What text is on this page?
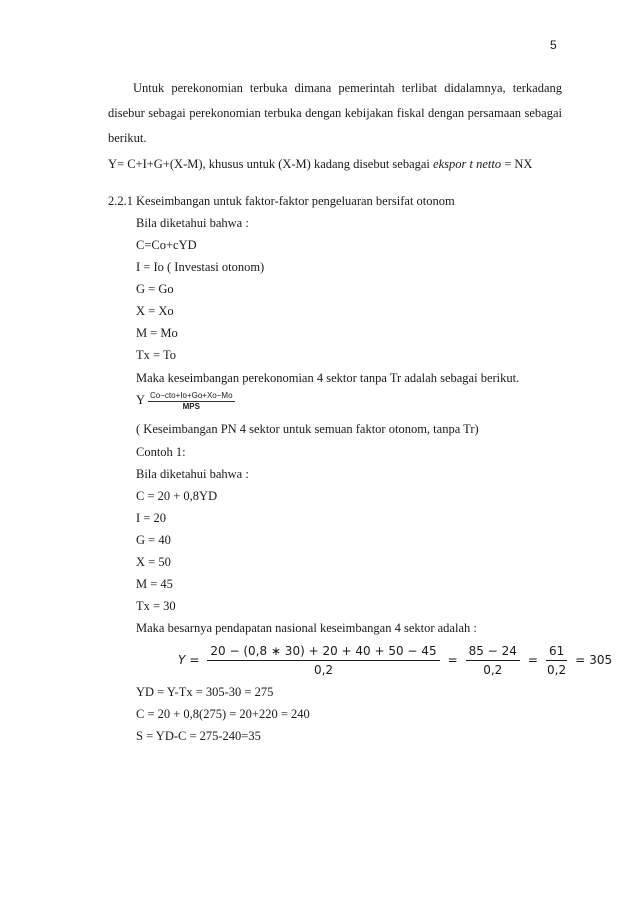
5

Untuk perekonomian terbuka dimana pemerintah terlibat didalamnya, terkadang disebur sebagai perekonomian terbuka dengan kebijakan fiskal dengan persamaan sebagai berikut.

Y= C+I+G+(X-M), khusus untuk (X-M) kadang disebut sebagai ekspor t netto = NX
2.2.1 Keseimbangan untuk faktor-faktor pengeluaran bersifat otonom
Bila diketahui bahwa :
C=Co+cYD
I = Io ( Investasi otonom)
G = Go
X = Xo
M = Mo
Tx = To
Maka keseimbangan perekonomian 4 sektor tanpa Tr adalah sebagai berikut.
Y $\frac{\text{Co−cto+Io+Go+Xo−Mo}}{\text{MPS}}$
( Keseimbangan PN 4 sektor untuk semuan faktor otonom, tanpa Tr)
Contoh 1:
Bila diketahui bahwa :
C = 20 + 0,8YD
I = 20
G = 40
X = 50
M = 45
Tx = 30
Maka besarnya pendapatan nasional keseimbangan 4 sektor adalah :
$Y = \frac{20 - (0,8 ∗ 30) + 20 + 40 + 50 - 45}{0,2} = \frac{85 - 24}{0,2} = \frac{61}{0,2} = 305$
YD = Y-Tx = 305-30 = 275
C = 20 + 0,8(275) = 20+220 = 240
S = YD-C = 275-240=35
